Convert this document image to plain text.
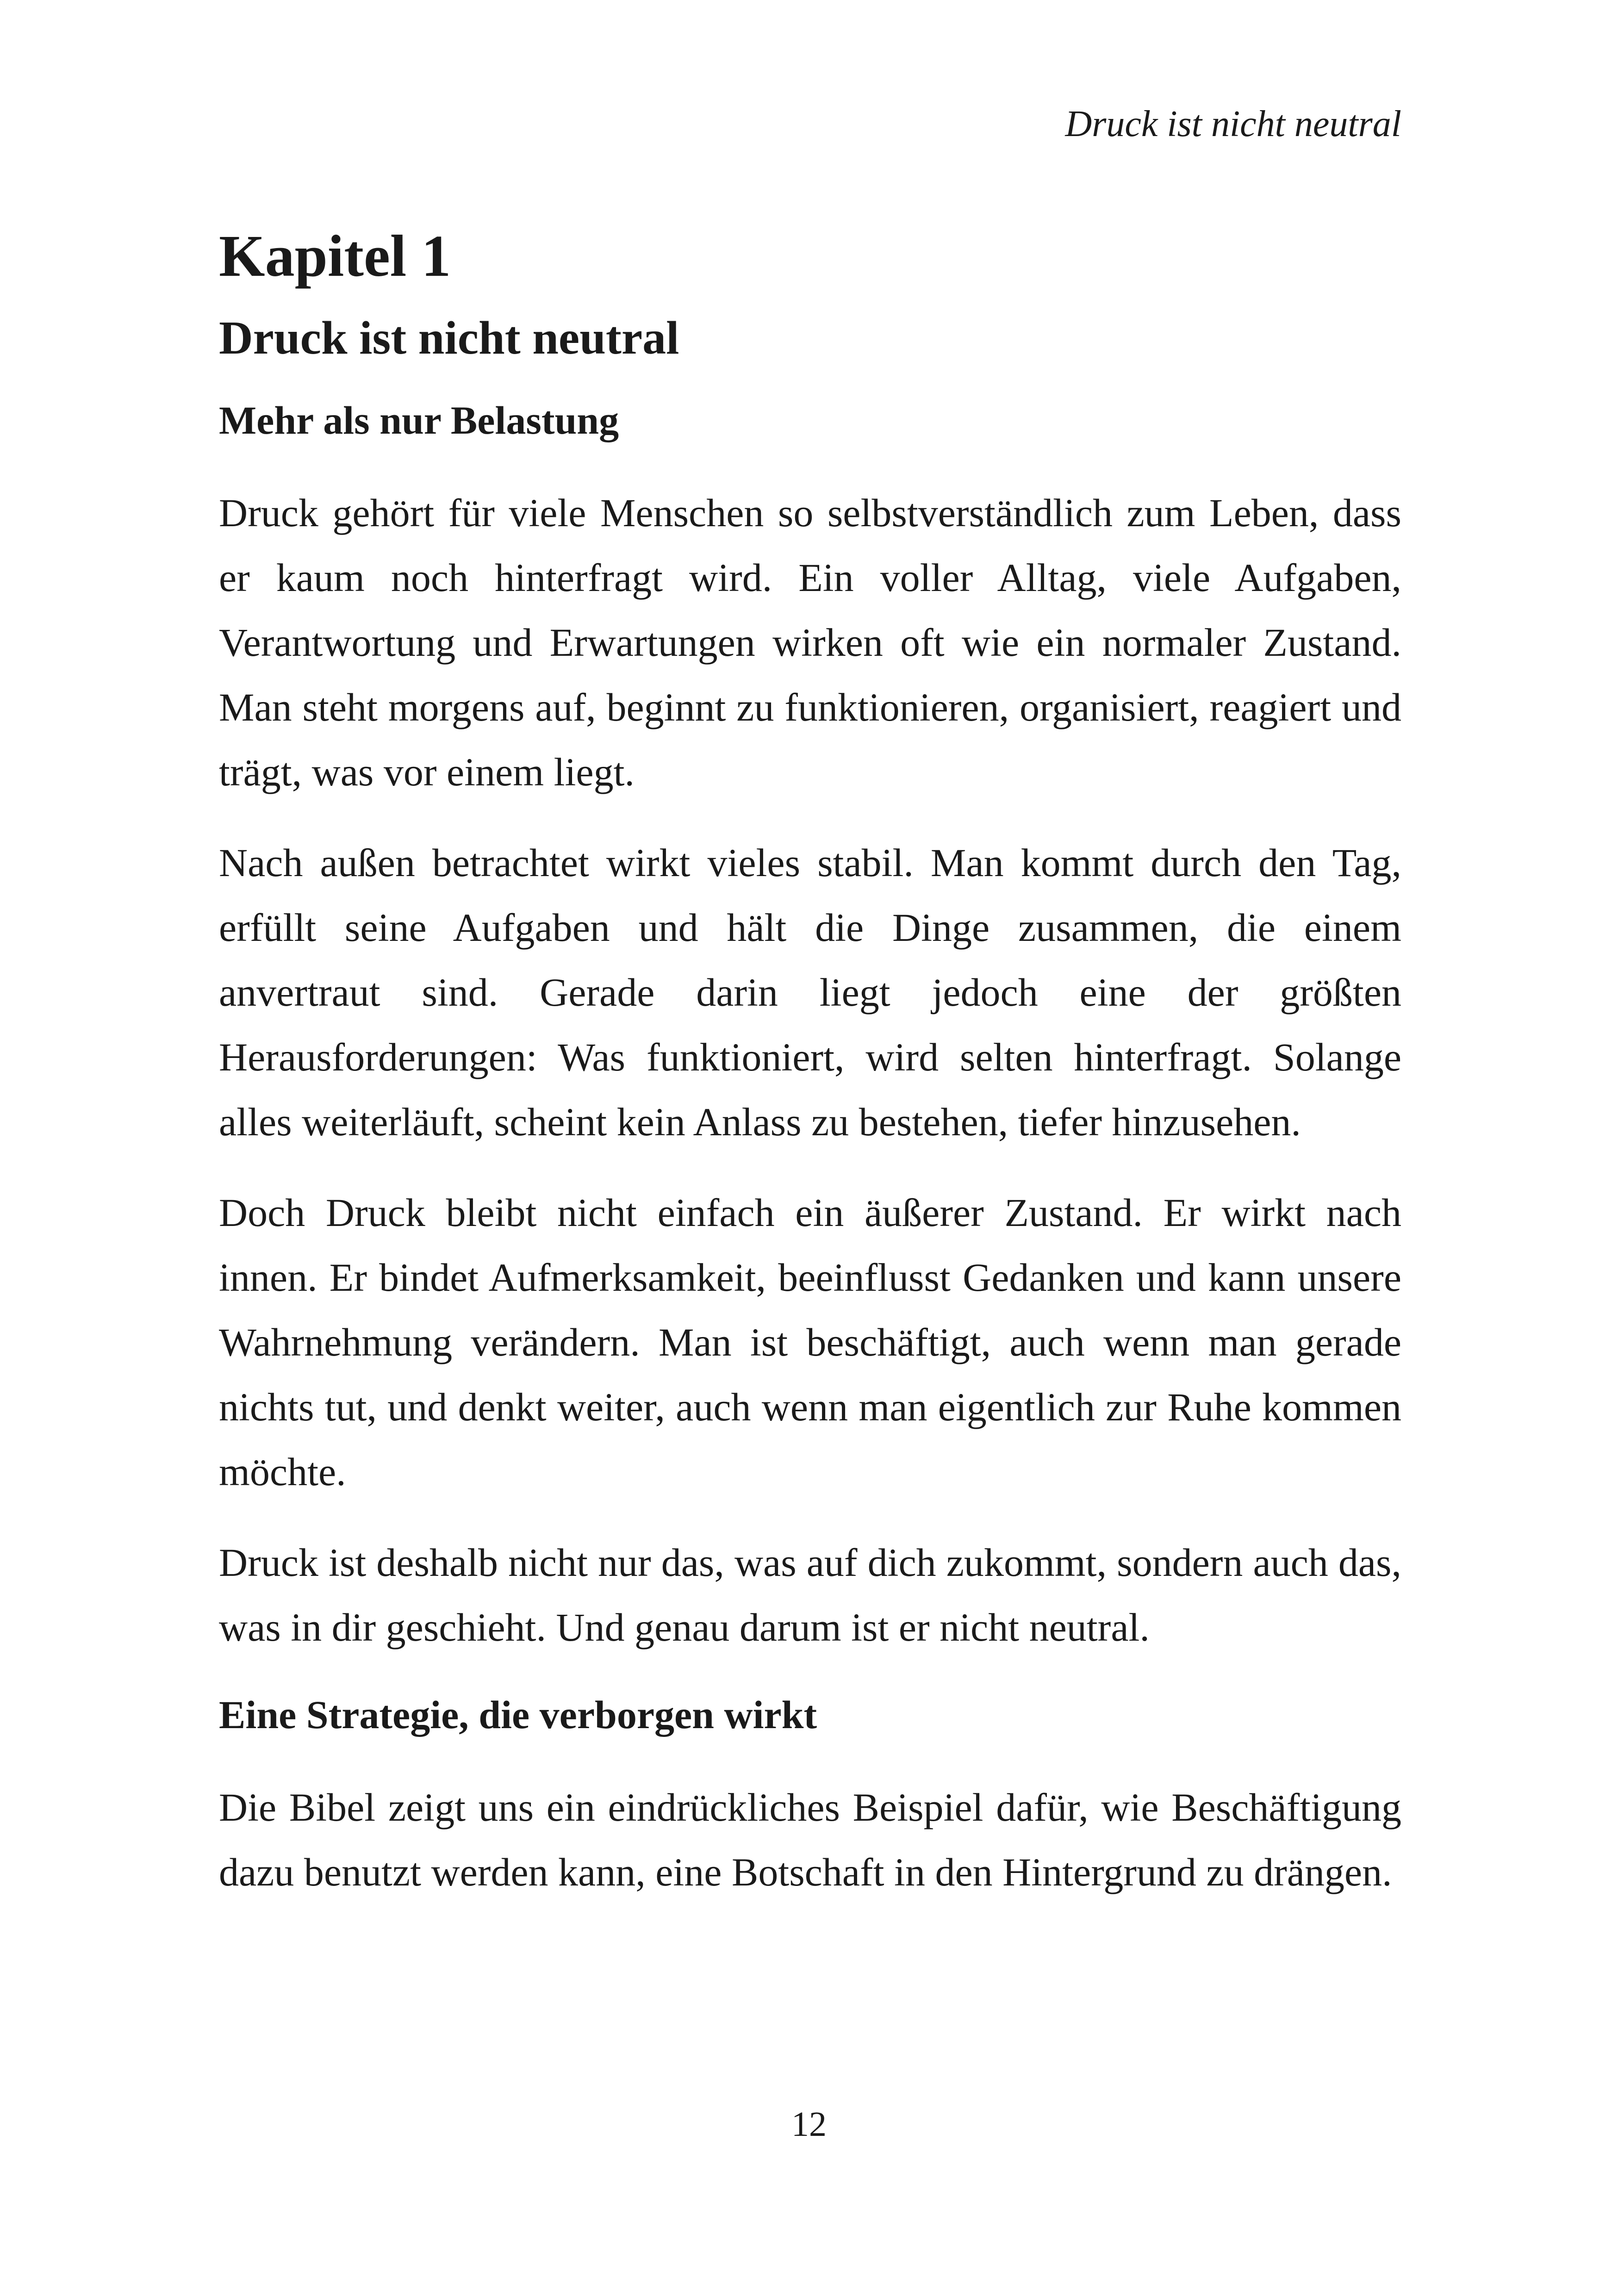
Druck ist nicht neutral
Kapitel 1
Druck ist nicht neutral
Mehr als nur Belastung

Druck gehört für viele Menschen so selbstverständlich zum Leben, dass er kaum noch hinterfragt wird. Ein voller Alltag, viele Aufgaben, Verantwortung und Erwartungen wirken oft wie ein normaler Zustand. Man steht morgens auf, beginnt zu funktionieren, organisiert, reagiert und trägt, was vor einem liegt.

Nach außen betrachtet wirkt vieles stabil. Man kommt durch den Tag, erfüllt seine Aufgaben und hält die Dinge zusammen, die einem anvertraut sind. Gerade darin liegt jedoch eine der größten Herausforderungen: Was funktioniert, wird selten hinterfragt. Solange alles weiterläuft, scheint kein Anlass zu bestehen, tiefer hinzusehen.

Doch Druck bleibt nicht einfach ein äußerer Zustand. Er wirkt nach innen. Er bindet Aufmerksamkeit, beeinflusst Gedanken und kann unsere Wahrnehmung verändern. Man ist beschäftigt, auch wenn man gerade nichts tut, und denkt weiter, auch wenn man eigentlich zur Ruhe kommen möchte.

Druck ist deshalb nicht nur das, was auf dich zukommt, sondern auch das, was in dir geschieht. Und genau darum ist er nicht neutral.

Eine Strategie, die verborgen wirkt

Die Bibel zeigt uns ein eindrückliches Beispiel dafür, wie Beschäftigung dazu benutzt werden kann, eine Botschaft in den Hintergrund zu drängen.

12
